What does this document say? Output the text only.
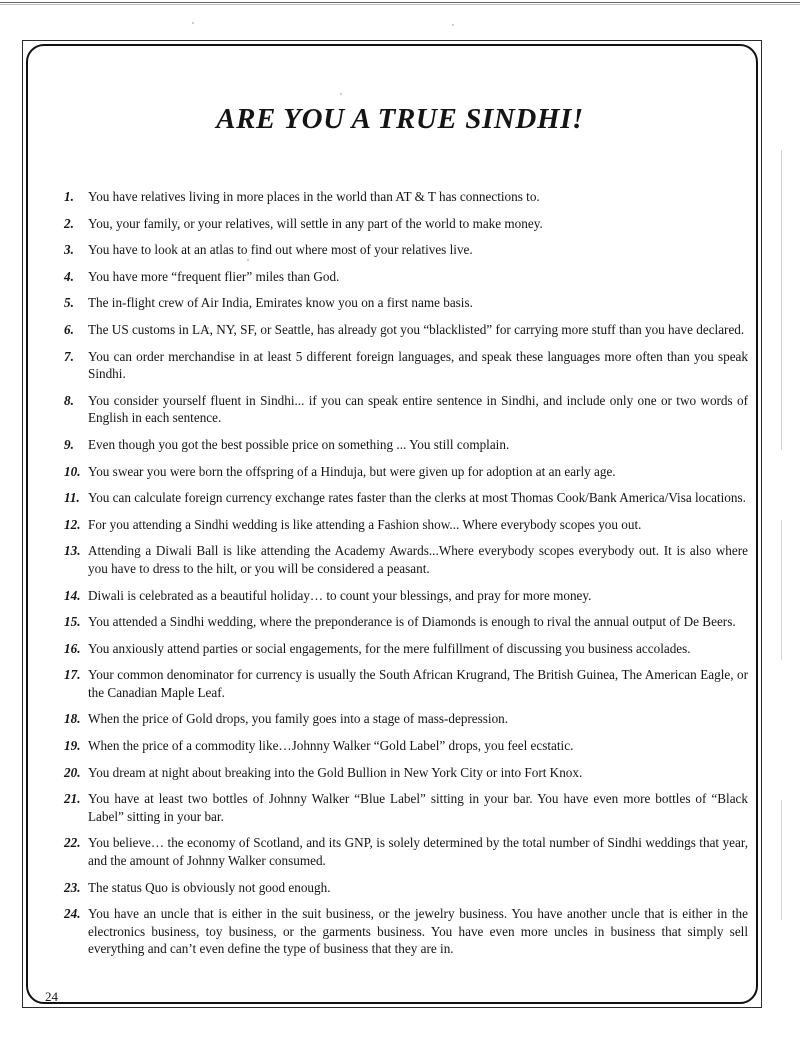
ARE YOU A TRUE SINDHI!
1.	You have relatives living in more places in the world than AT & T has connections to.
2.	You, your family, or your relatives, will settle in any part of the world to make money.
3.	You have to look at an atlas to find out where most of your relatives live.
4.	You have more “frequent flier” miles than God.
5.	The in-flight crew of Air India, Emirates know you on a first name basis.
6.	The US customs in LA, NY, SF, or Seattle, has already got you “blacklisted” for carrying more stuff than you have declared.
7.	You can order merchandise in at least 5 different foreign languages, and speak these languages more often than you speak Sindhi.
8.	You consider yourself fluent in Sindhi... if you can speak entire sentence in Sindhi, and include only one or two words of English in each sentence.
9.	Even though you got the best possible price on something ... You still complain.
10. You swear you were born the offspring of a Hinduja, but were given up for adoption at an early age.
11. You can calculate foreign currency exchange rates faster than the clerks at most Thomas Cook/Bank America/Visa locations.
12. For you attending a Sindhi wedding is like attending a Fashion show... Where everybody scopes you out.
13. Attending a Diwali Ball is like attending the Academy Awards...Where everybody scopes everybody out. It is also where you have to dress to the hilt, or you will be considered a peasant.
14. Diwali is celebrated as a beautiful holiday… to count your blessings, and pray for more money.
15. You attended a Sindhi wedding, where the preponderance is of Diamonds is enough to rival the annual output of De Beers.
16. You anxiously attend parties or social engagements, for the mere fulfillment of discussing you business accolades.
17. Your common denominator for currency is usually the South African Krugrand, The British Guinea, The American Eagle, or the Canadian Maple Leaf.
18. When the price of Gold drops, you family goes into a stage of mass-depression.
19. When the price of a commodity like…Johnny Walker “Gold Label” drops, you feel ecstatic.
20. You dream at night about breaking into the Gold Bullion in New York City or into Fort Knox.
21. You have at least two bottles of Johnny Walker “Blue Label” sitting in your bar. You have even more bottles of “Black Label” sitting in your bar.
22. You believe… the economy of Scotland, and its GNP, is solely determined by the total number of Sindhi weddings that year, and the amount of Johnny Walker consumed.
23. The status Quo is obviously not good enough.
24. You have an uncle that is either in the suit business, or the jewelry business. You have another uncle that is either in the electronics business, toy business, or the garments business. You have even more uncles in business that simply sell everything and can’t even define the type of business that they are in.
24
